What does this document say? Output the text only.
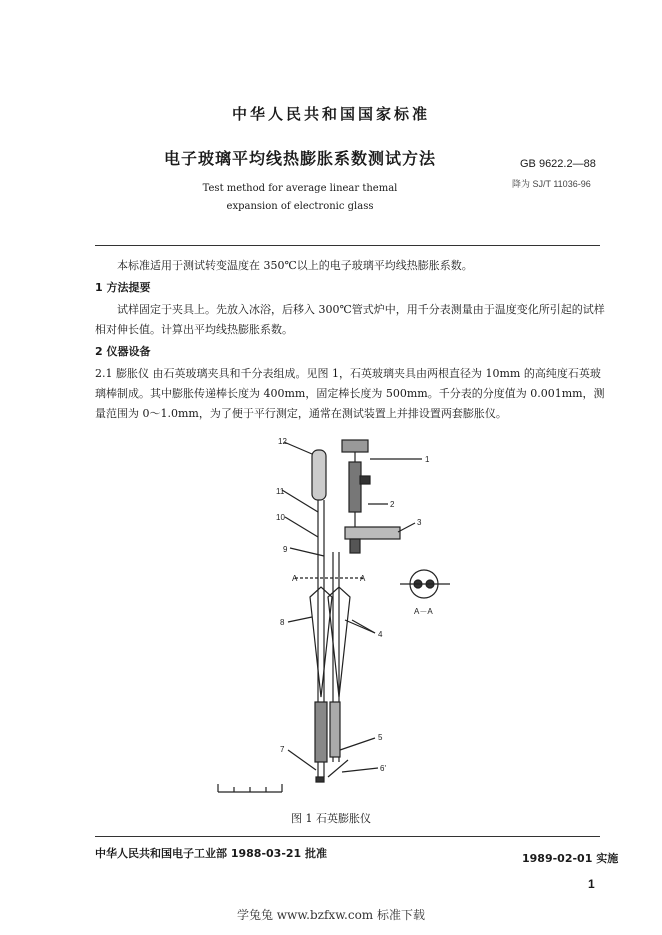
中华人民共和国国家标准
电子玻璃平均线热膨胀系数测试方法
Test method for average linear themal
expansion of electronic glass
GB 9622.2—88
降为 SJ/T 11036-96
本标准适用于测试转变温度在 350℃以上的电子玻璃平均线热膨胀系数。
1 方法提要
试样固定于夹具上。先放入冰浴，后移入 300℃管式炉中，用千分表测量由于温度变化所引起的试样相对伸长值。计算出平均线热膨胀系数。
2 仪器设备
2.1 膨胀仪 由石英玻璃夹具和千分表组成。见图 1，石英玻璃夹具由两根直径为 10mm 的高纯度石英玻璃棒制成。其中膨胀传递棒长度为 400mm，固定棒长度为 500mm。千分表的分度值为 0.001mm，测量范围为 0～1.0mm，为了便于平行测定，通常在测试装置上并排设置两套膨胀仪。
12
1
2
3
11
10
9
A	A
8
4
A－A
5
6'
7
图 1 石英膨胀仪
中华人民共和国电子工业部 1988-03-21 批准	1989-02-01 实施
1
学兔兔 www.bzfxw.com 标准下载
